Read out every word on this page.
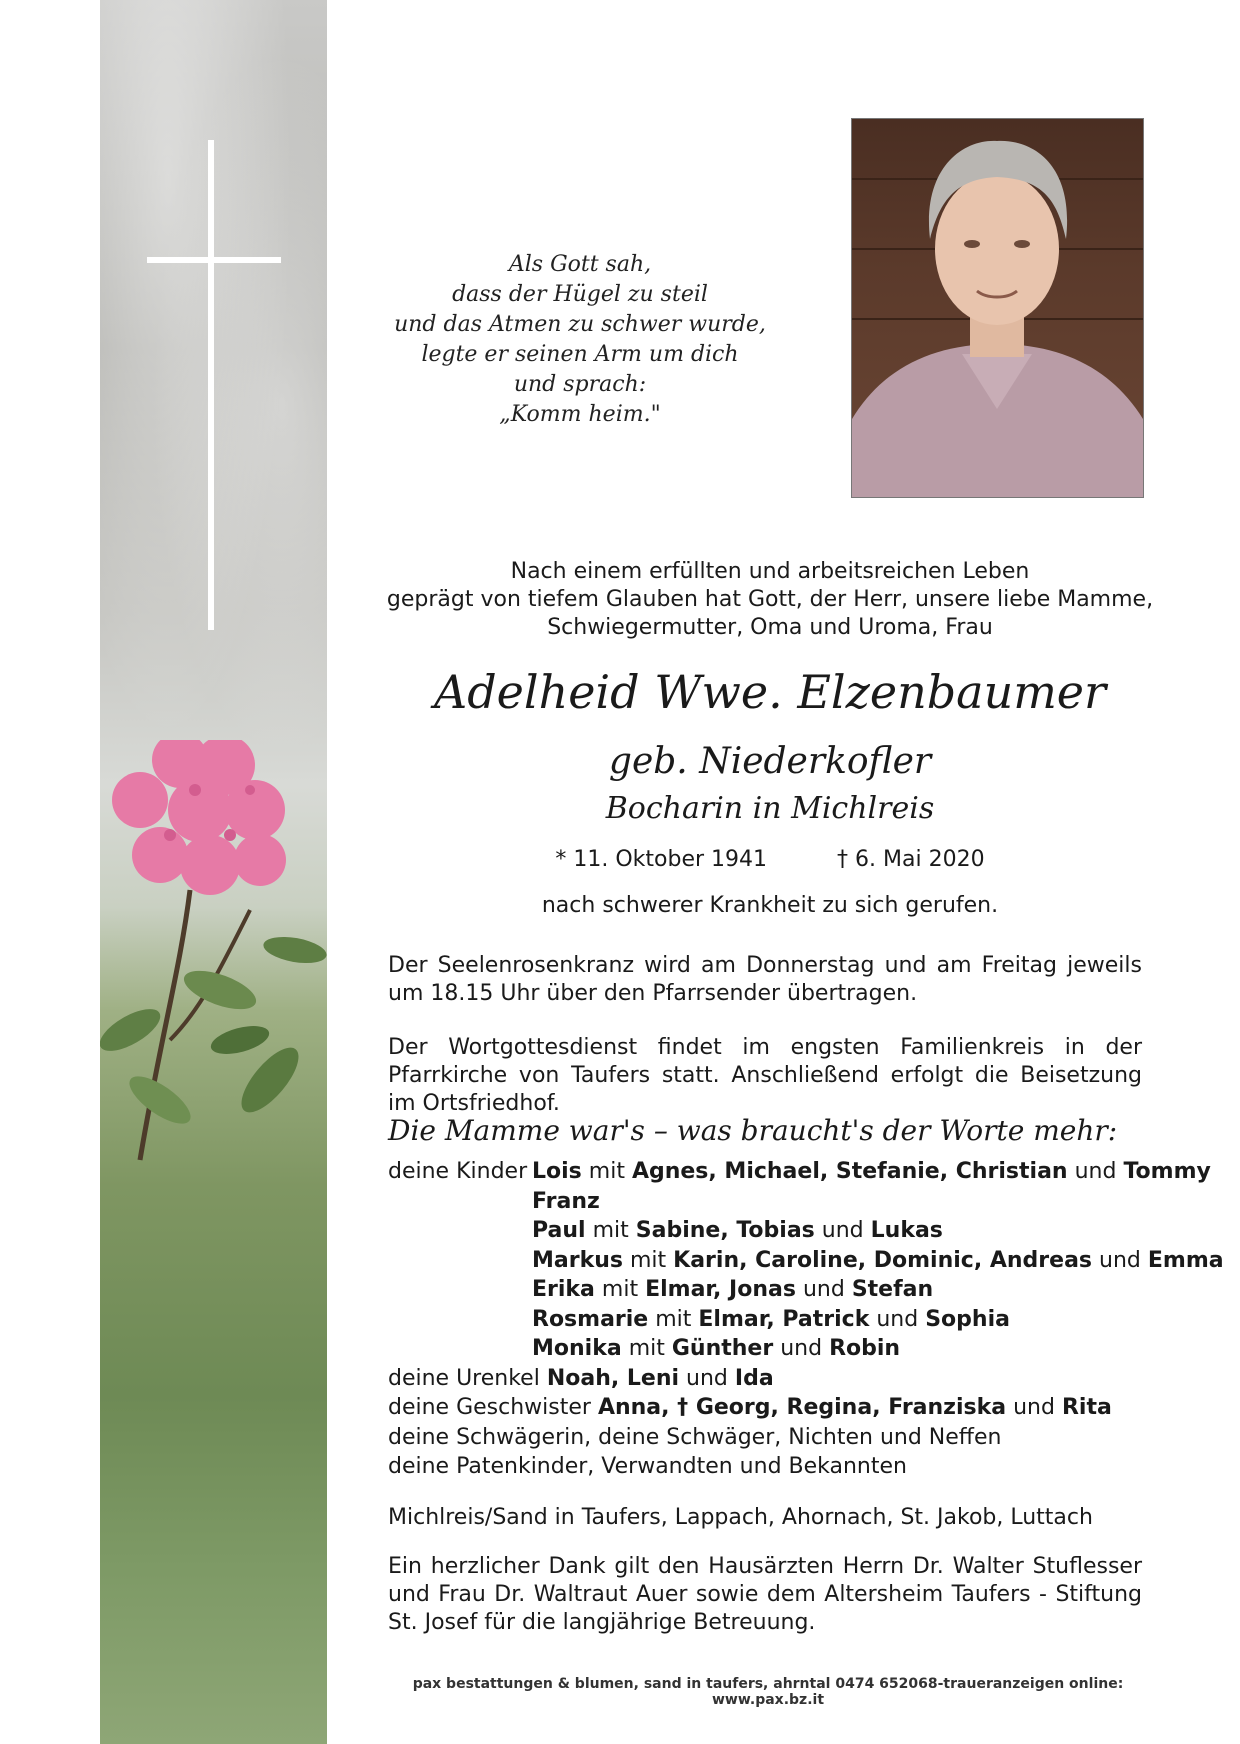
Als Gott sah,
dass der Hügel zu steil
und das Atmen zu schwer wurde,
legte er seinen Arm um dich
und sprach:
„Komm heim."
Nach einem erfüllten und arbeitsreichen Leben
geprägt von tiefem Glauben hat Gott, der Herr, unsere liebe Mamme,
Schwiegermutter, Oma und Uroma, Frau
Adelheid Wwe. Elzenbaumer
geb. Niederkofler
Bocharin in Michlreis
* 11. Oktober 1941	† 6. Mai 2020
nach schwerer Krankheit zu sich gerufen.
Der Seelenrosenkranz wird am Donnerstag und am Freitag jeweils um 18.15 Uhr über den Pfarrsender übertragen.
Der Wortgottesdienst findet im engsten Familienkreis in der Pfarrkirche von Taufers statt. Anschließend erfolgt die Beisetzung im Ortsfriedhof.
Die Mamme war's – was braucht's der Worte mehr:
deine Kinder Lois mit Agnes, Michael, Stefanie, Christian und Tommy
Franz
Paul mit Sabine, Tobias und Lukas
Markus mit Karin, Caroline, Dominic, Andreas und Emma
Erika mit Elmar, Jonas und Stefan
Rosmarie mit Elmar, Patrick und Sophia
Monika mit Günther und Robin
deine Urenkel Noah, Leni und Ida
deine Geschwister Anna, † Georg, Regina, Franziska und Rita
deine Schwägerin, deine Schwäger, Nichten und Neffen
deine Patenkinder, Verwandten und Bekannten
Michlreis/Sand in Taufers, Lappach, Ahornach, St. Jakob, Luttach
Ein herzlicher Dank gilt den Hausärzten Herrn Dr. Walter Stuflesser und Frau Dr. Waltraut Auer sowie dem Altersheim Taufers - Stiftung St. Josef für die langjährige Betreuung.
pax bestattungen & blumen, sand in taufers, ahrntal 0474 652068-traueranzeigen online: www.pax.bz.it
